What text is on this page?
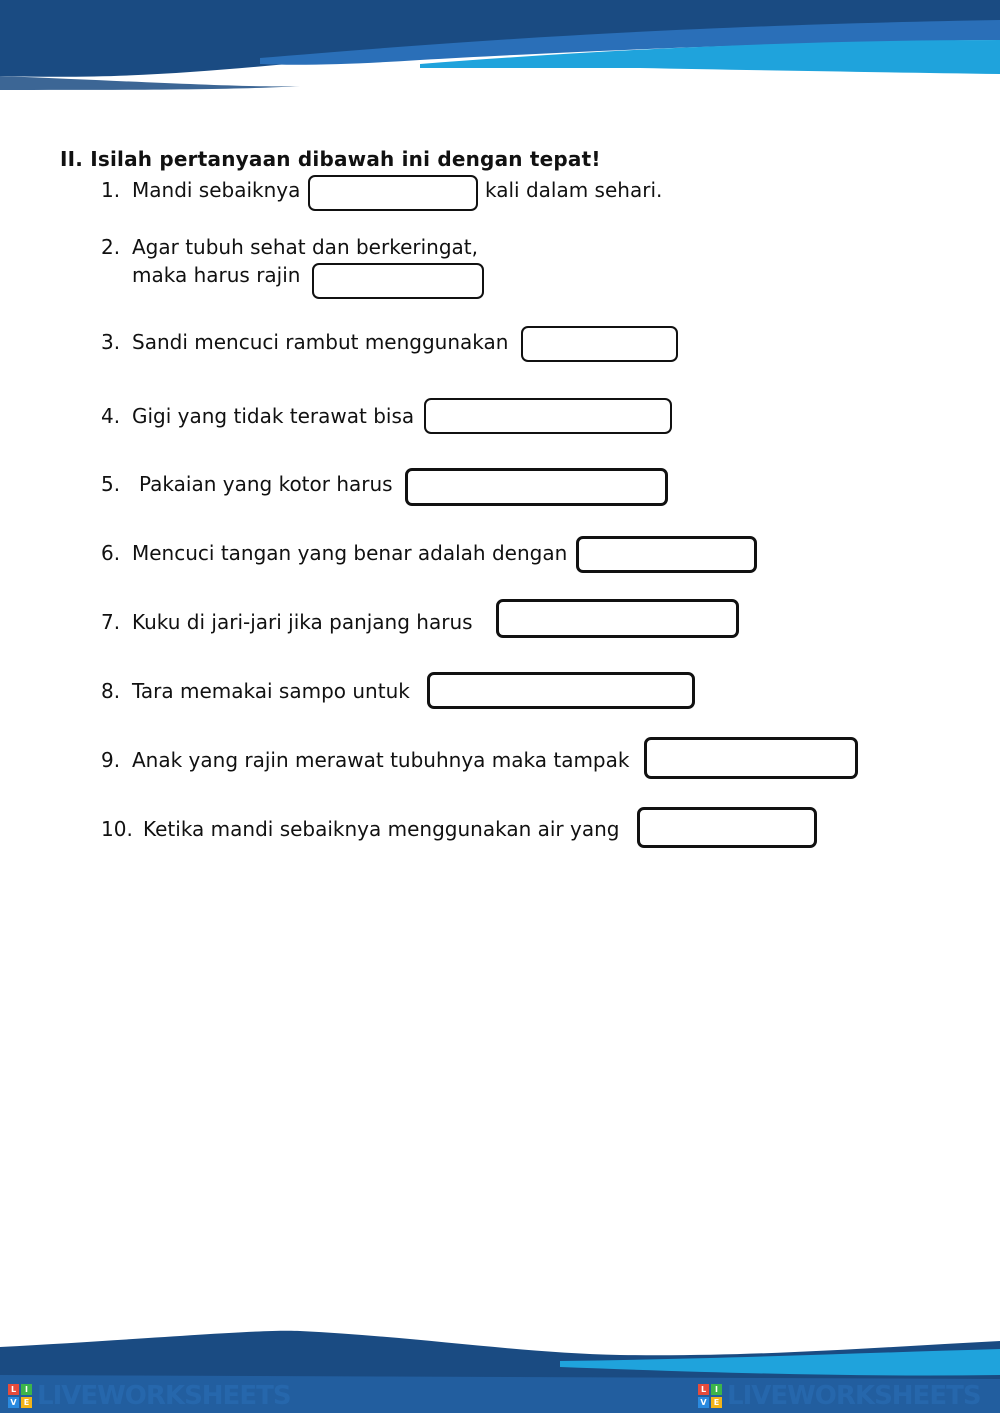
II. Isilah pertanyaan dibawah ini dengan tepat!
1. Mandi sebaiknya	kali dalam sehari.
2. Agar tubuh sehat dan berkeringat,
maka harus rajin
3. Sandi mencuci rambut menggunakan
4. Gigi yang tidak terawat bisa
5. Pakaian yang kotor harus
6. Mencuci tangan yang benar adalah dengan
7. Kuku di jari-jari jika panjang harus
8. Tara memakai sampo untuk
9. Anak yang rajin merawat tubuhnya maka tampak
10. Ketika mandi sebaiknya menggunakan air yang
L	I
V E LIVEWORKSHEETS	L	I
V E LIVEWORKSHEETS
